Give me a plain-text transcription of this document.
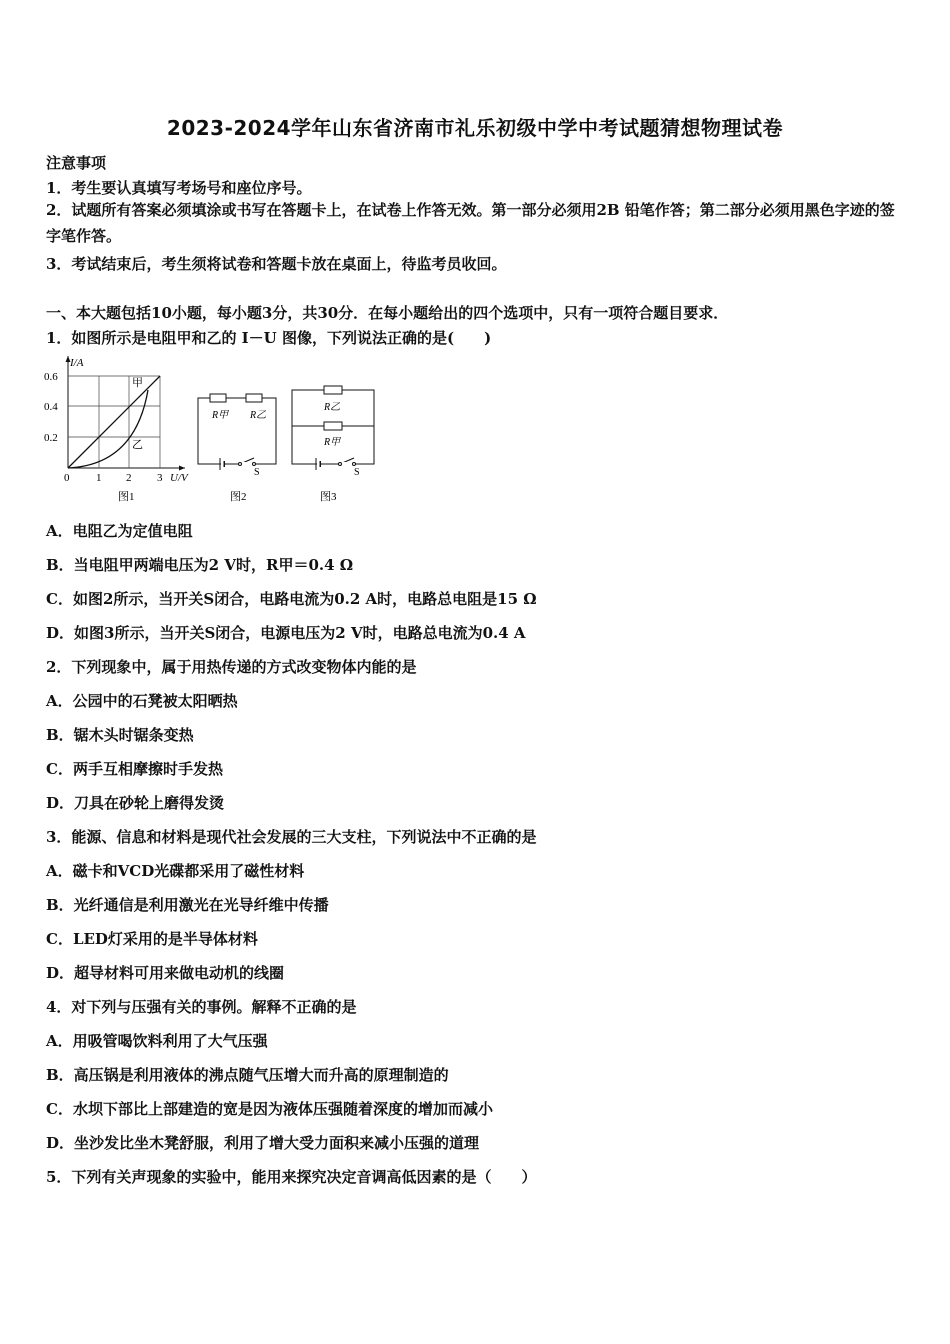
2023-2024学年山东省济南市礼乐初级中学中考试题猜想物理试卷
注意事项
1．考生要认真填写考场号和座位序号。
2．试题所有答案必须填涂或书写在答题卡上，在试卷上作答无效。第一部分必须用2B 铅笔作答；第二部分必须用黑色字迹的签字笔作答。
3．考试结束后，考生须将试卷和答题卡放在桌面上，待监考员收回。
一、本大题包括10小题，每小题3分，共30分．在每小题给出的四个选项中，只有一项符合题目要求．
1．如图所示是电阻甲和乙的 I－U 图像，下列说法正确的是(　　)
I/A
0.6
0.4
0.2
0 1 2 3 U/V
甲
乙
图1
R甲 R乙
S
图2
R乙
R甲
S
图3
A．电阻乙为定值电阻
B．当电阻甲两端电压为2 V时，R甲＝0.4 Ω
C．如图2所示，当开关S闭合，电路电流为0.2 A时，电路总电阻是15 Ω
D．如图3所示，当开关S闭合，电源电压为2 V时，电路总电流为0.4 A
2．下列现象中，属于用热传递的方式改变物体内能的是
A．公园中的石凳被太阳晒热
B．锯木头时锯条变热
C．两手互相摩擦时手发热
D．刀具在砂轮上磨得发烫
3．能源、信息和材料是现代社会发展的三大支柱，下列说法中不正确的是
A．磁卡和VCD光碟都采用了磁性材料
B．光纤通信是利用激光在光导纤维中传播
C．LED灯采用的是半导体材料
D．超导材料可用来做电动机的线圈
4．对下列与压强有关的事例。解释不正确的是
A．用吸管喝饮料利用了大气压强
B．高压锅是利用液体的沸点随气压增大而升高的原理制造的
C．水坝下部比上部建造的宽是因为液体压强随着深度的增加而减小
D．坐沙发比坐木凳舒服，利用了增大受力面积来减小压强的道理
5．下列有关声现象的实验中，能用来探究决定音调高低因素的是（　　）
